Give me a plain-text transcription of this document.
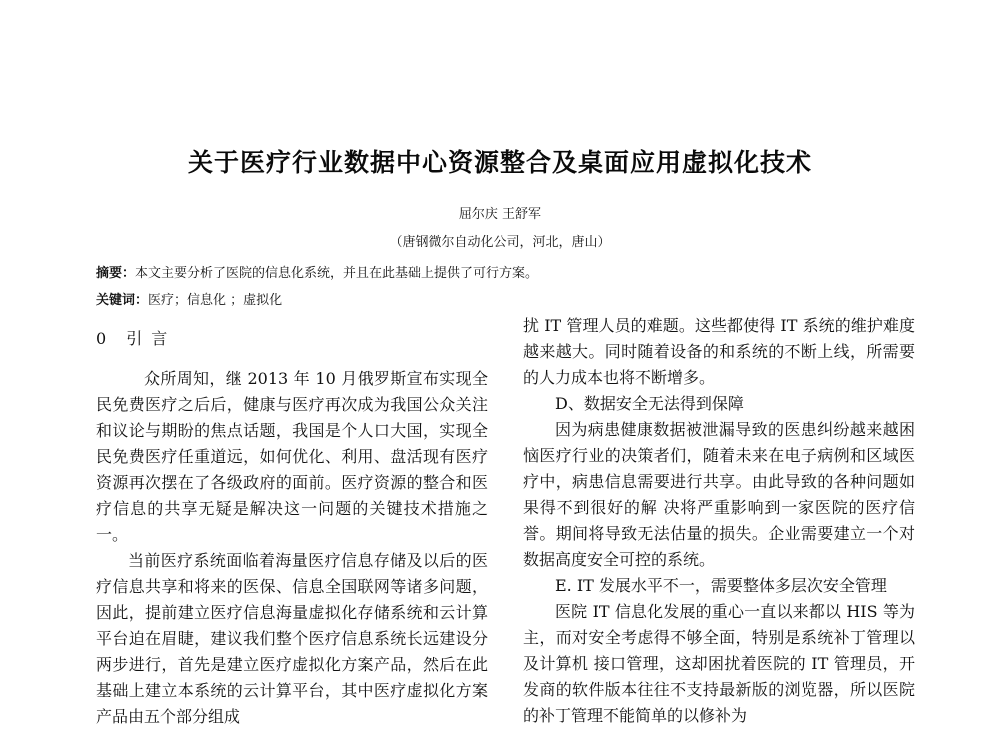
关于医疗行业数据中心资源整合及桌面应用虚拟化技术
屈尔庆 王舒军
（唐钢微尔自动化公司，河北，唐山）
摘要：本文主要分析了医院的信息化系统，并且在此基础上提供了可行方案。
关键词：医疗；信息化 ；虚拟化

0 引 言

众所周知，继 2013 年 10 月俄罗斯宣布实现全民免费医疗之后后，健康与医疗再次成为我国公众关注和议论与期盼的焦点话题，我国是个人口大国，实现全民免费医疗任重道远，如何优化、利用、盘活现有医疗资源再次摆在了各级政府的面前。医疗资源的整合和医疗信息的共享无疑是解决这一问题的关键技术措施之一。

当前医疗系统面临着海量医疗信息存储及以后的医疗信息共享和将来的医保、信息全国联网等诸多问题，因此，提前建立医疗信息海量虚拟化存储系统和云计算平台迫在眉睫，建议我们整个医疗信息系统长远建设分两步进行，首先是建立医疗虚拟化方案产品，然后在此基础上建立本系统的云计算平台，其中医疗虚拟化方案产品由五个部分组成

扰 IT 管理人员的难题。这些都使得 IT 系统的维护难度越来越大。同时随着设备的和系统的不断上线，所需要的人力成本也将不断增多。

D、数据安全无法得到保障

因为病患健康数据被泄漏导致的医患纠纷越来越困恼医疗行业的决策者们，随着未来在电子病例和区域医疗中，病患信息需要进行共享。由此导致的各种问题如果得不到很好的解 决将严重影响到一家医院的医疗信誉。期间将导致无法估量的损失。企业需要建立一个对数据高度安全可控的系统。

E. IT 发展水平不一，需要整体多层次安全管理

医院 IT 信息化发展的重心一直以来都以 HIS 等为主，而对安全考虑得不够全面，特别是系统补丁管理以及计算机 接口管理，这却困扰着医院的 IT 管理员，开发商的软件版本往往不支持最新版的浏览器，所以医院的补丁管理不能简单的以修补为
